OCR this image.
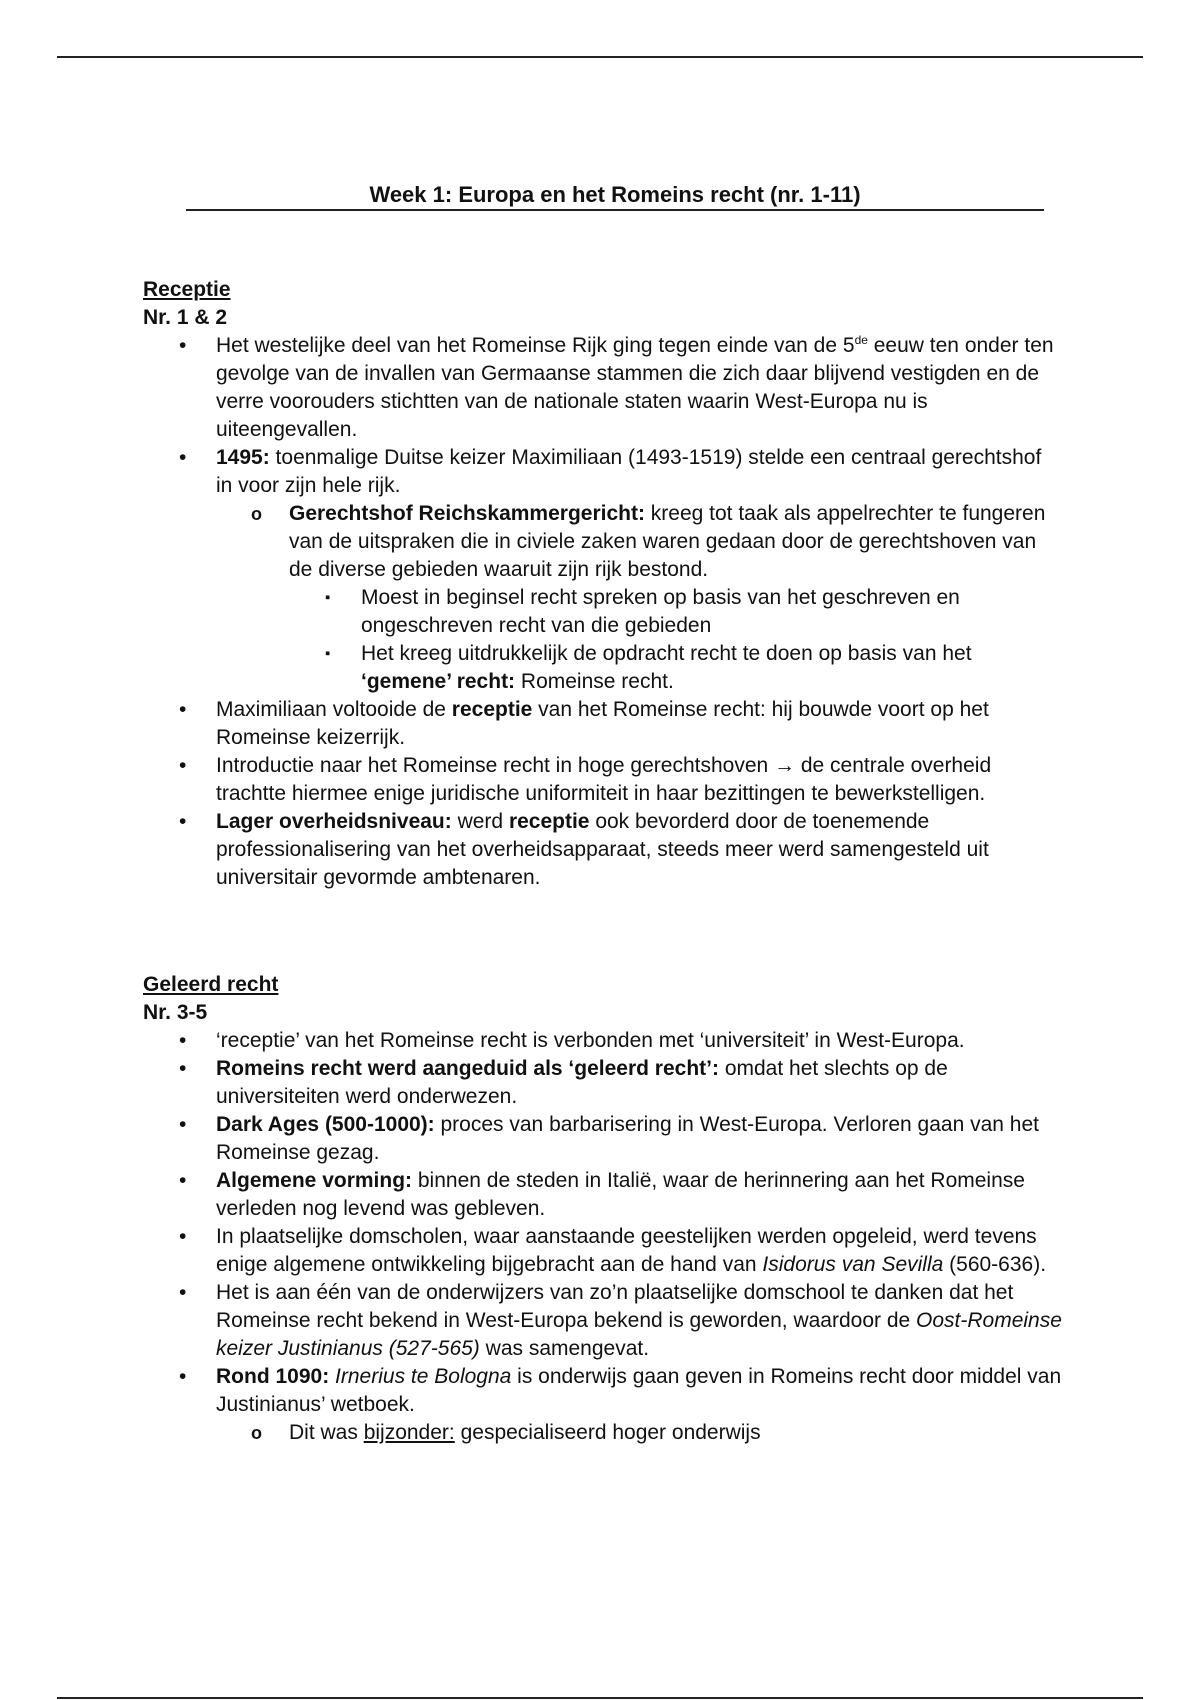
Week 1: Europa en het Romeins recht (nr. 1-11)
Receptie
Nr. 1 & 2
• Het westelijke deel van het Romeinse Rijk ging tegen einde van de 5de eeuw ten onder ten gevolge van de invallen van Germaanse stammen die zich daar blijvend vestigden en de verre voorouders stichtten van de nationale staten waarin West-Europa nu is uiteengevallen.
• 1495: toenmalige Duitse keizer Maximiliaan (1493-1519) stelde een centraal gerechtshof in voor zijn hele rijk.
o Gerechtshof Reichskammergericht: kreeg tot taak als appelrechter te fungeren van de uitspraken die in civiele zaken waren gedaan door de gerechtshoven van de diverse gebieden waaruit zijn rijk bestond.
▪ Moest in beginsel recht spreken op basis van het geschreven en ongeschreven recht van die gebieden
▪ Het kreeg uitdrukkelijk de opdracht recht te doen op basis van het ‘gemene’ recht: Romeinse recht.
• Maximiliaan voltooide de receptie van het Romeinse recht: hij bouwde voort op het Romeinse keizerrijk.
• Introductie naar het Romeinse recht in hoge gerechtshoven → de centrale overheid trachtte hiermee enige juridische uniformiteit in haar bezittingen te bewerkstelligen.
• Lager overheidsniveau: werd receptie ook bevorderd door de toenemende professionalisering van het overheidsapparaat, steeds meer werd samengesteld uit universitair gevormde ambtenaren.
Geleerd recht
Nr. 3-5
• ‘receptie’ van het Romeinse recht is verbonden met ‘universiteit’ in West-Europa.
• Romeins recht werd aangeduid als ‘geleerd recht’: omdat het slechts op de universiteiten werd onderwezen.
• Dark Ages (500-1000): proces van barbarisering in West-Europa. Verloren gaan van het Romeinse gezag.
• Algemene vorming: binnen de steden in Italië, waar de herinnering aan het Romeinse verleden nog levend was gebleven.
• In plaatselijke domscholen, waar aanstaande geestelijken werden opgeleid, werd tevens enige algemene ontwikkeling bijgebracht aan de hand van Isidorus van Sevilla (560-636).
• Het is aan één van de onderwijzers van zo’n plaatselijke domschool te danken dat het Romeinse recht bekend in West-Europa bekend is geworden, waardoor de Oost-Romeinse keizer Justinianus (527-565) was samengevat.
• Rond 1090: Irnerius te Bologna is onderwijs gaan geven in Romeins recht door middel van Justinianus’ wetboek.
o Dit was bijzonder: gespecialiseerd hoger onderwijs
